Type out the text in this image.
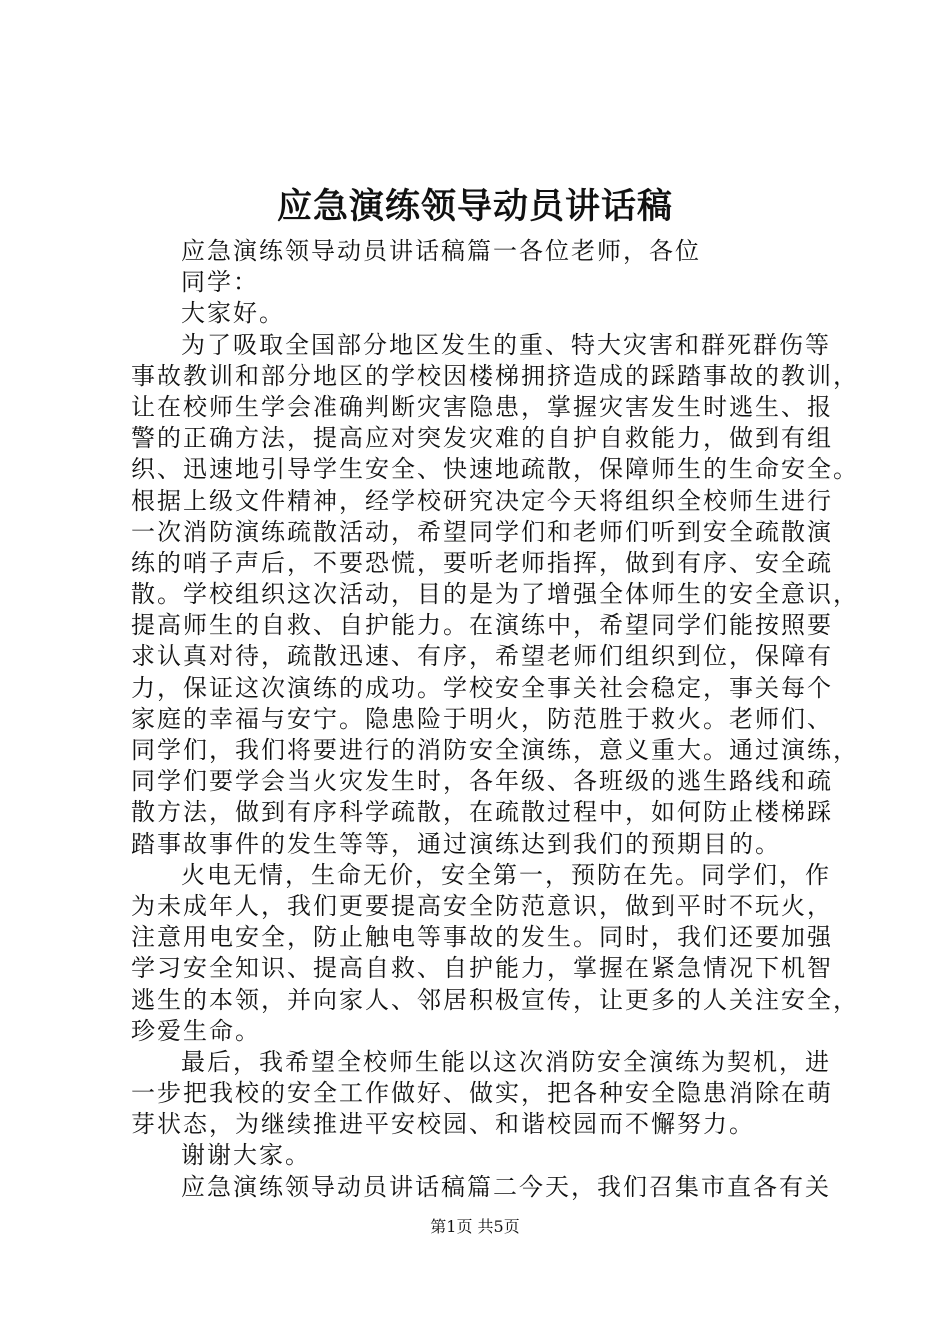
应急演练领导动员讲话稿
应急演练领导动员讲话稿篇一各位老师，各位
同学：
大家好。
为了吸取全国部分地区发生的重、特大灾害和群死群伤等
事故教训和部分地区的学校因楼梯拥挤造成的踩踏事故的教训，
让在校师生学会准确判断灾害隐患，掌握灾害发生时逃生、报
警的正确方法，提高应对突发灾难的自护自救能力，做到有组
织、迅速地引导学生安全、快速地疏散，保障师生的生命安全。
根据上级文件精神，经学校研究决定今天将组织全校师生进行
一次消防演练疏散活动，希望同学们和老师们听到安全疏散演
练的哨子声后，不要恐慌，要听老师指挥，做到有序、安全疏
散。学校组织这次活动，目的是为了增强全体师生的安全意识，
提高师生的自救、自护能力。在演练中，希望同学们能按照要
求认真对待，疏散迅速、有序，希望老师们组织到位，保障有
力，保证这次演练的成功。学校安全事关社会稳定，事关每个
家庭的幸福与安宁。隐患险于明火，防范胜于救火。老师们、
同学们，我们将要进行的消防安全演练，意义重大。通过演练，
同学们要学会当火灾发生时，各年级、各班级的逃生路线和疏
散方法，做到有序科学疏散，在疏散过程中，如何防止楼梯踩
踏事故事件的发生等等，通过演练达到我们的预期目的。
火电无情，生命无价，安全第一，预防在先。同学们，作
为未成年人，我们更要提高安全防范意识，做到平时不玩火，
注意用电安全，防止触电等事故的发生。同时，我们还要加强
学习安全知识、提高自救、自护能力，掌握在紧急情况下机智
逃生的本领，并向家人、邻居积极宣传，让更多的人关注安全，
珍爱生命。
最后，我希望全校师生能以这次消防安全演练为契机，进
一步把我校的安全工作做好、做实，把各种安全隐患消除在萌
芽状态，为继续推进平安校园、和谐校园而不懈努力。
谢谢大家。
应急演练领导动员讲话稿篇二今天，我们召集市直各有关
第1页 共5页
